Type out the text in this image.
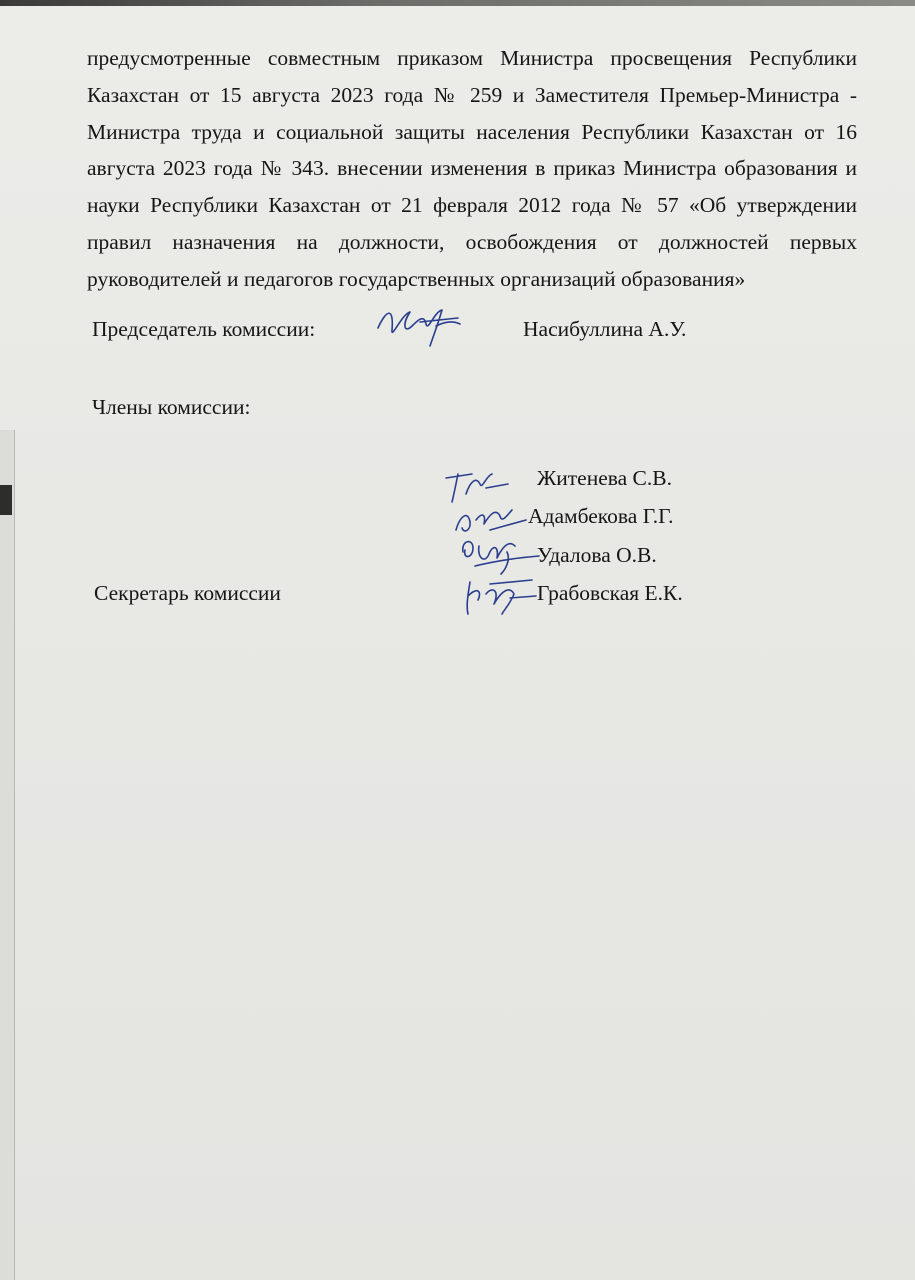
предусмотренные совместным приказом Министра просвещения Республики Казахстан от 15 августа 2023 года № 259 и Заместителя Премьер-Министра - Министра труда и социальной защиты населения Республики Казахстан от 16 августа 2023 года № 343. внесении изменения в приказ Министра образования и науки Республики Казахстан от 21 февраля 2012 года № 57 «Об утверждении правил назначения на должности, освобождения от должностей первых руководителей и педагогов государственных организаций образования»
Председатель комиссии:	Насибуллина А.У.
Члены комиссии:
Житенева С.В.
Адамбекова Г.Г.
Удалова О.В.
Секретарь комиссии	Грабовская Е.К.
